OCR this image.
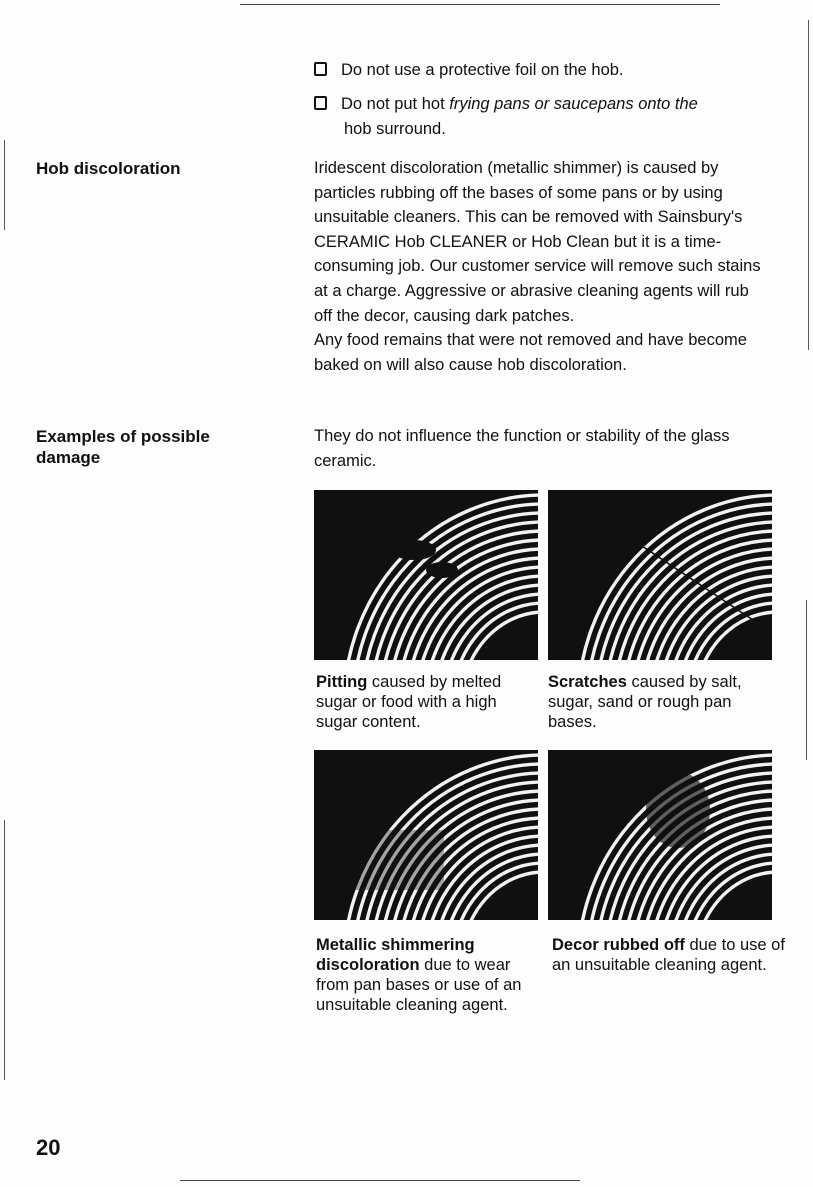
Do not use a protective foil on the hob.
Do not put hot frying pans or saucepans onto the
hob surround.
Hob discoloration	Iridescent discoloration (metallic shimmer) is caused by particles rubbing off the bases of some pans or by using unsuitable cleaners. This can be removed with Sainsbury's CERAMIC Hob CLEANER or Hob Clean but it is a time-consuming job. Our customer service will remove such stains at a charge. Aggressive or abrasive cleaning agents will rub off the decor, causing dark patches.
Any food remains that were not removed and have become baked on will also cause hob discoloration.
Examples of possible
damage
They do not influence the function or stability of the glass ceramic.
Pitting caused by melted sugar or food with a high sugar content.
Scratches caused by salt, sugar, sand or rough pan bases.
Metallic shimmering discoloration due to wear from pan bases or use of an unsuitable cleaning agent.
Decor rubbed off due to use of an unsuitable cleaning agent.
20
